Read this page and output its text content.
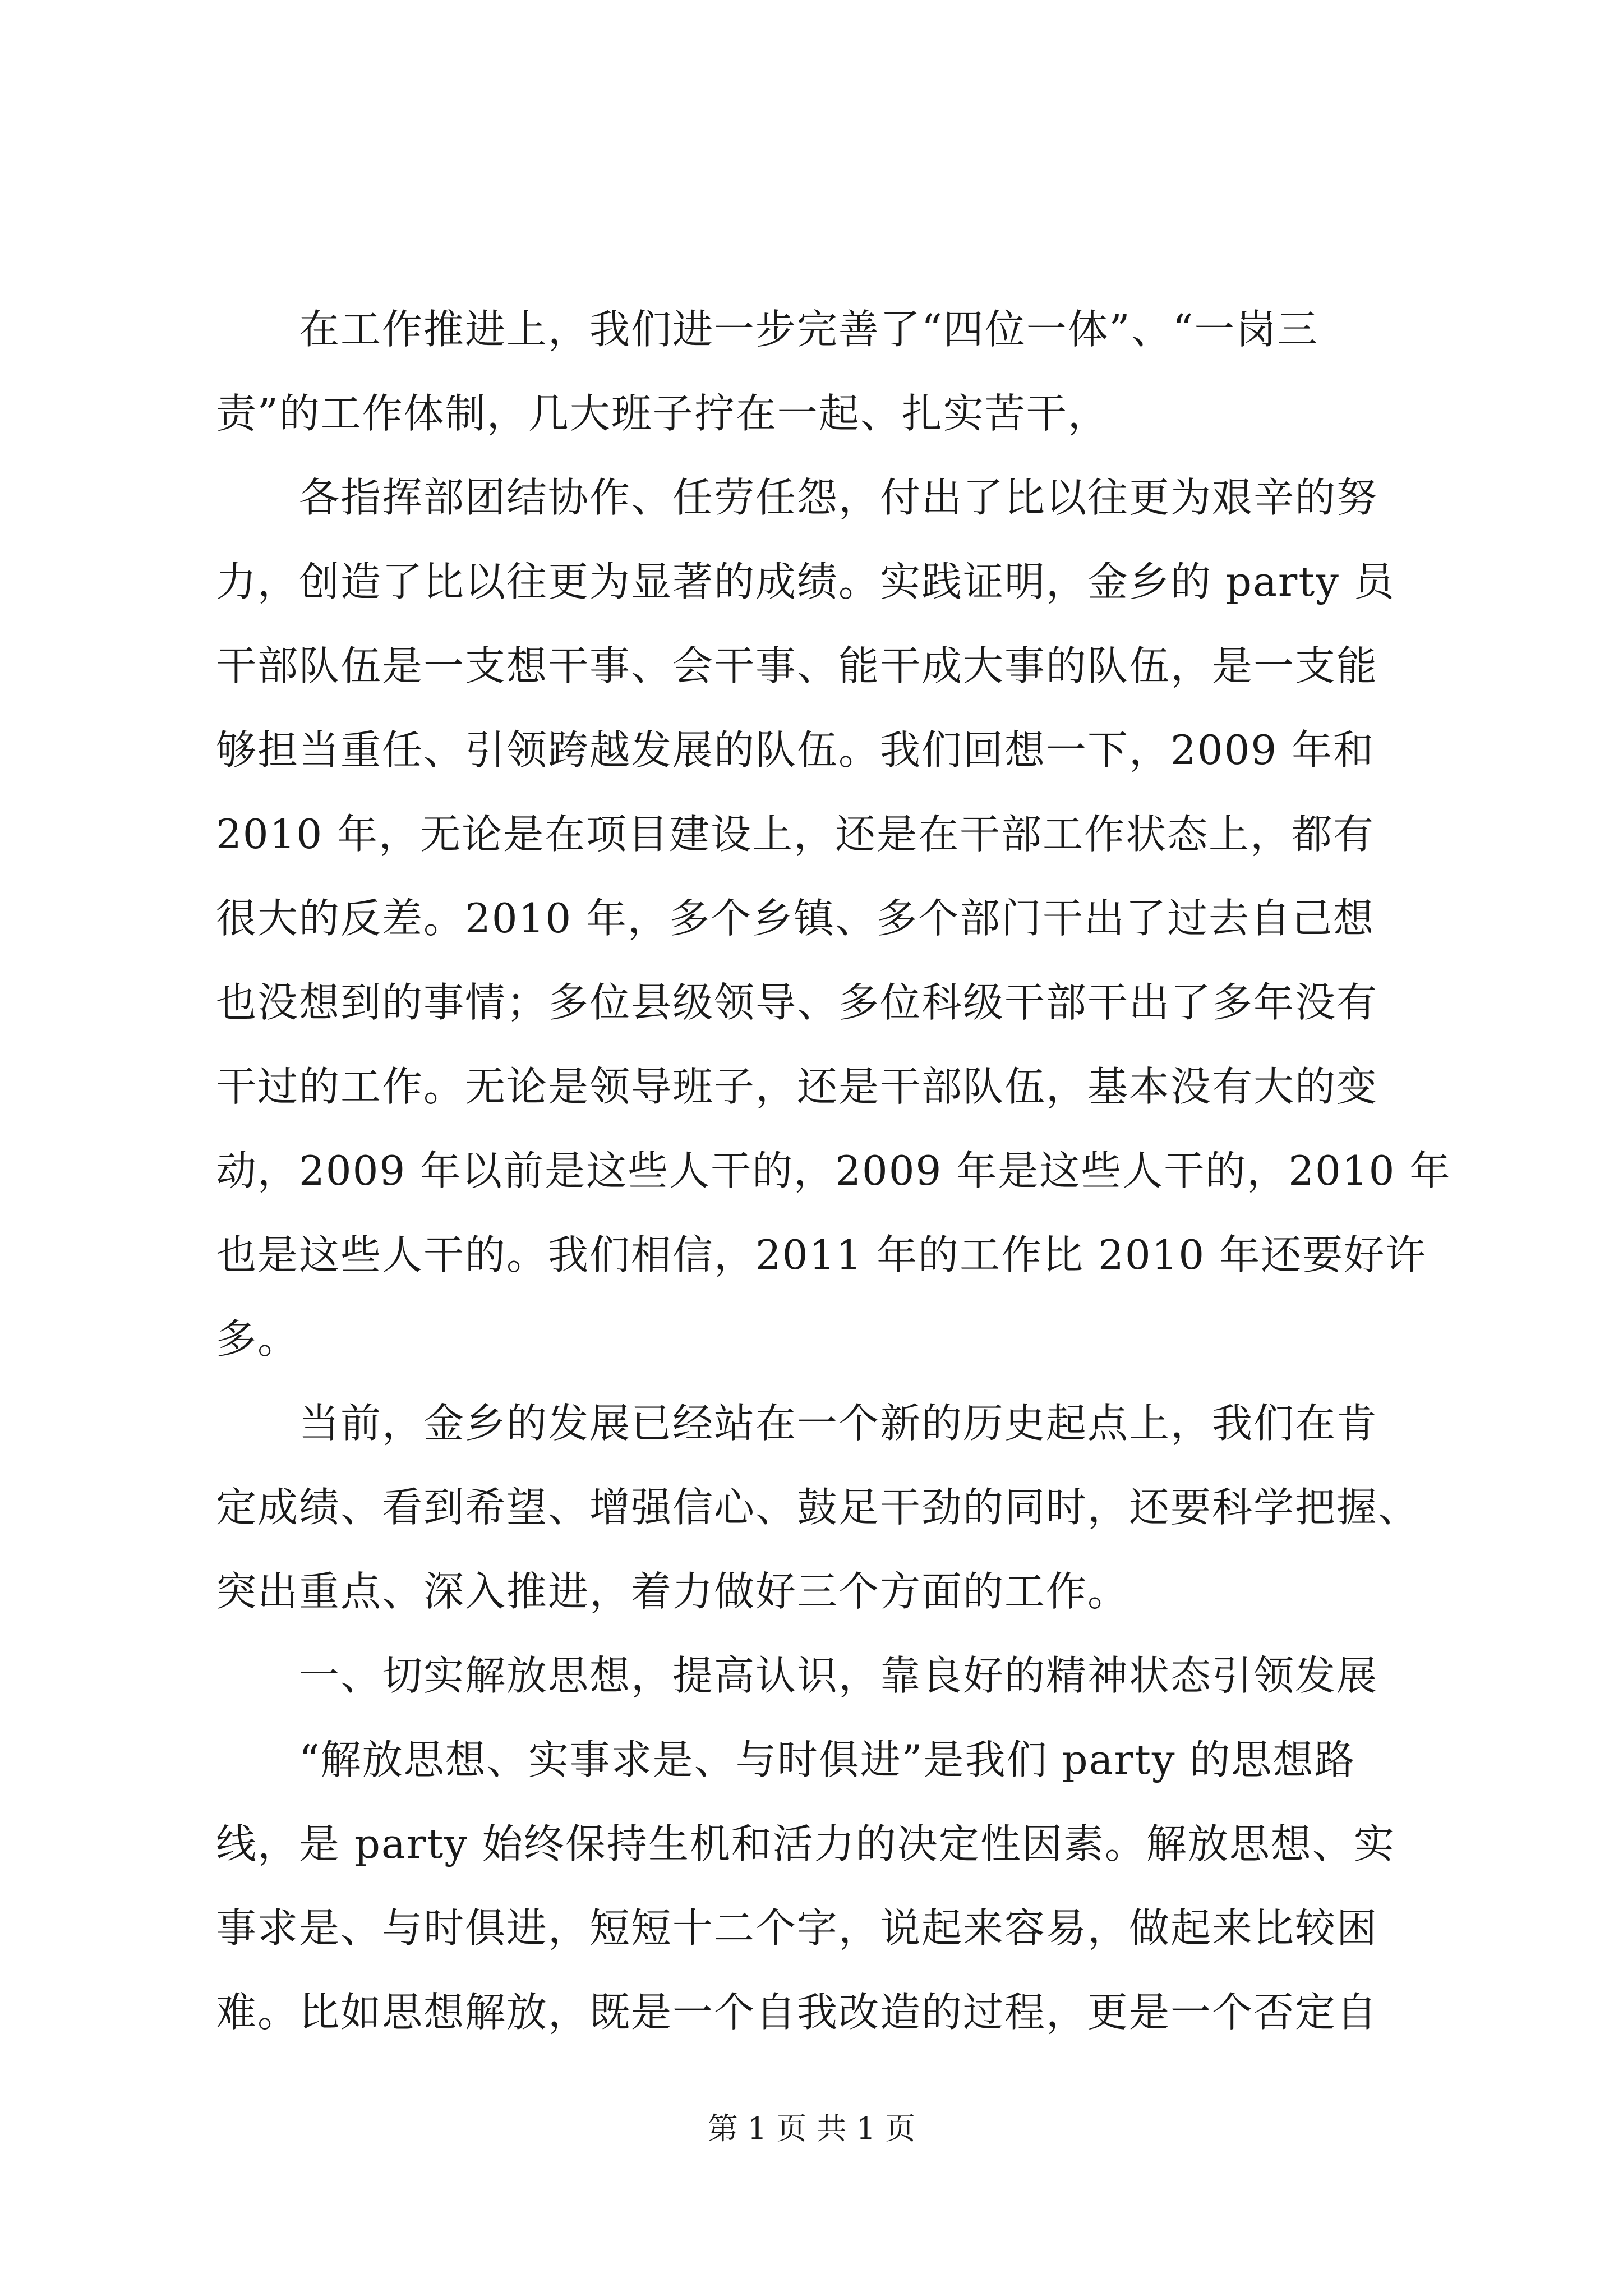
　　在工作推进上，我们进一步完善了“四位一体”、“一岗三
责”的工作体制，几大班子拧在一起、扎实苦干，
　　各指挥部团结协作、任劳任怨，付出了比以往更为艰辛的努
力，创造了比以往更为显著的成绩。实践证明，金乡的 party 员
干部队伍是一支想干事、会干事、能干成大事的队伍，是一支能
够担当重任、引领跨越发展的队伍。我们回想一下，2009 年和
2010 年，无论是在项目建设上，还是在干部工作状态上，都有
很大的反差。2010 年，多个乡镇、多个部门干出了过去自己想
也没想到的事情；多位县级领导、多位科级干部干出了多年没有
干过的工作。无论是领导班子，还是干部队伍，基本没有大的变
动，2009 年以前是这些人干的，2009 年是这些人干的，2010 年
也是这些人干的。我们相信，2011 年的工作比 2010 年还要好许
多。
　　当前，金乡的发展已经站在一个新的历史起点上，我们在肯
定成绩、看到希望、增强信心、鼓足干劲的同时，还要科学把握、
突出重点、深入推进，着力做好三个方面的工作。
　　一、切实解放思想，提高认识，靠良好的精神状态引领发展
　　“解放思想、实事求是、与时俱进”是我们 party 的思想路
线，是 party 始终保持生机和活力的决定性因素。解放思想、实
事求是、与时俱进，短短十二个字，说起来容易，做起来比较困
难。比如思想解放，既是一个自我改造的过程，更是一个否定自
第 1 页 共 1 页
